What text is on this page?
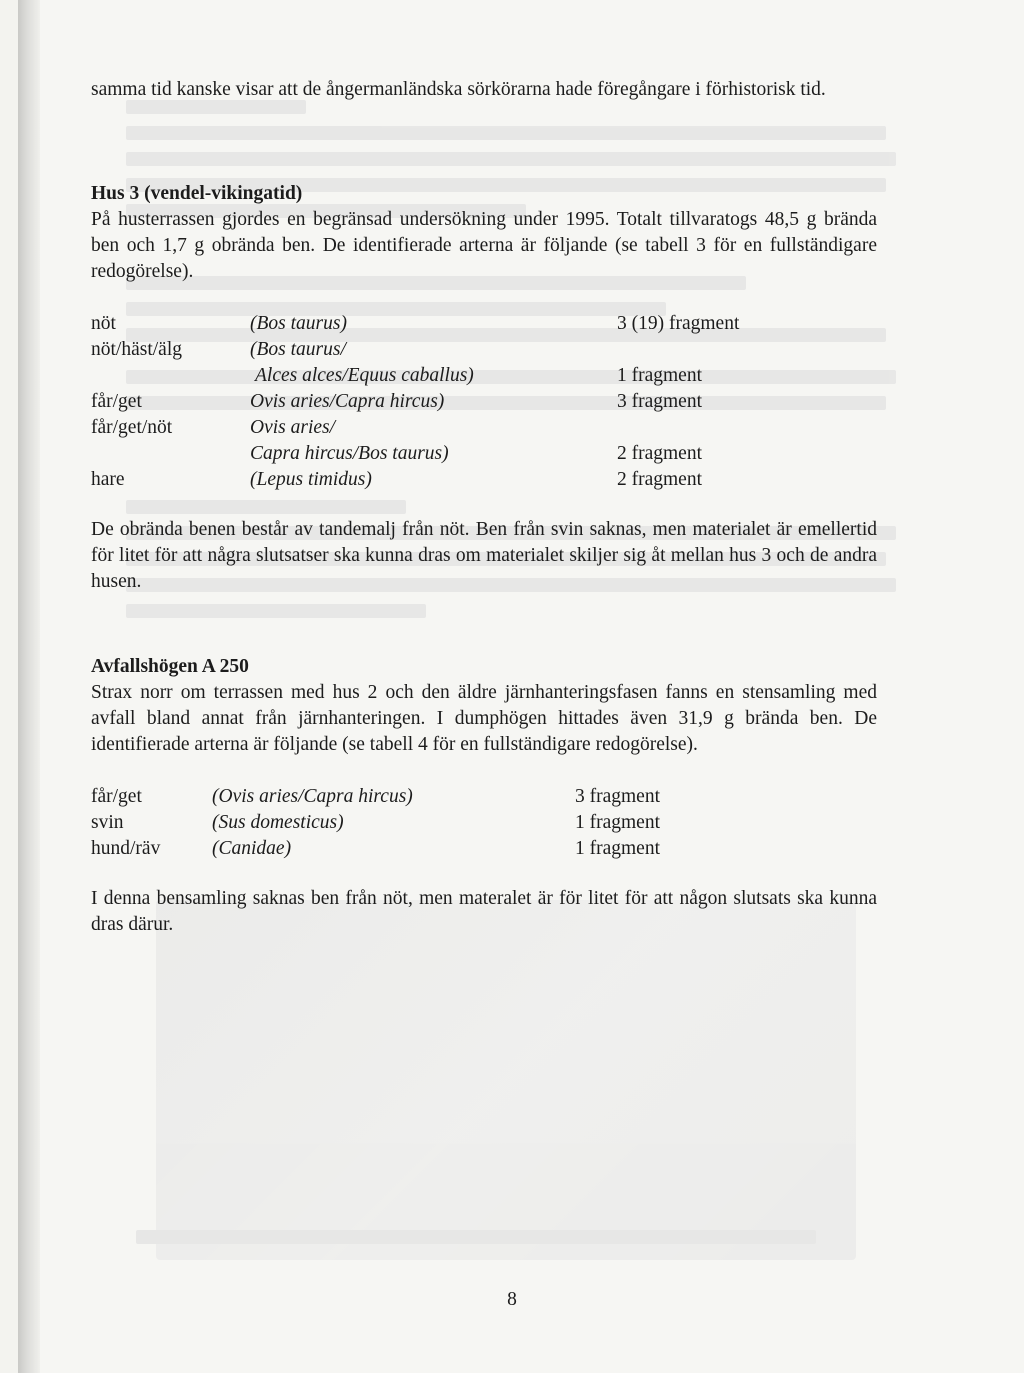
samma tid kanske visar att de ångermanländska sörkörarna hade föregångare i förhistorisk tid.

Hus 3 (vendel-vikingatid)

På husterrassen gjordes en begränsad undersökning under 1995. Totalt tillvaratogs 48,5 g brända ben och 1,7 g obrända ben. De identifierade arterna är följande (se tabell 3 för en fullständigare redogörelse).

nöt	(Bos taurus)	3 (19) fragment
nöt/häst/älg	(Bos taurus/
Alces alces/Equus caballus)	1 fragment
får/get	Ovis aries/Capra hircus)	3 fragment
får/get/nöt	Ovis aries/
Capra hircus/Bos taurus)	2 fragment
hare	(Lepus timidus)	2 fragment

De obrända benen består av tandemalj från nöt. Ben från svin saknas, men materialet är emellertid för litet för att några slutsatser ska kunna dras om materialet skiljer sig åt mellan hus 3 och de andra husen.

Avfallshögen A 250

Strax norr om terrassen med hus 2 och den äldre järnhanteringsfasen fanns en stensamling med avfall bland annat från järnhanteringen. I dumphögen hittades även 31,9 g brända ben. De identifierade arterna är följande (se tabell 4 för en fullständigare redogörelse).

får/get	(Ovis aries/Capra hircus)	3 fragment
svin	(Sus domesticus)	1 fragment
hund/räv	(Canidae)	1 fragment

I denna bensamling saknas ben från nöt, men materalet är för litet för att någon slutsats ska kunna dras därur.

8
